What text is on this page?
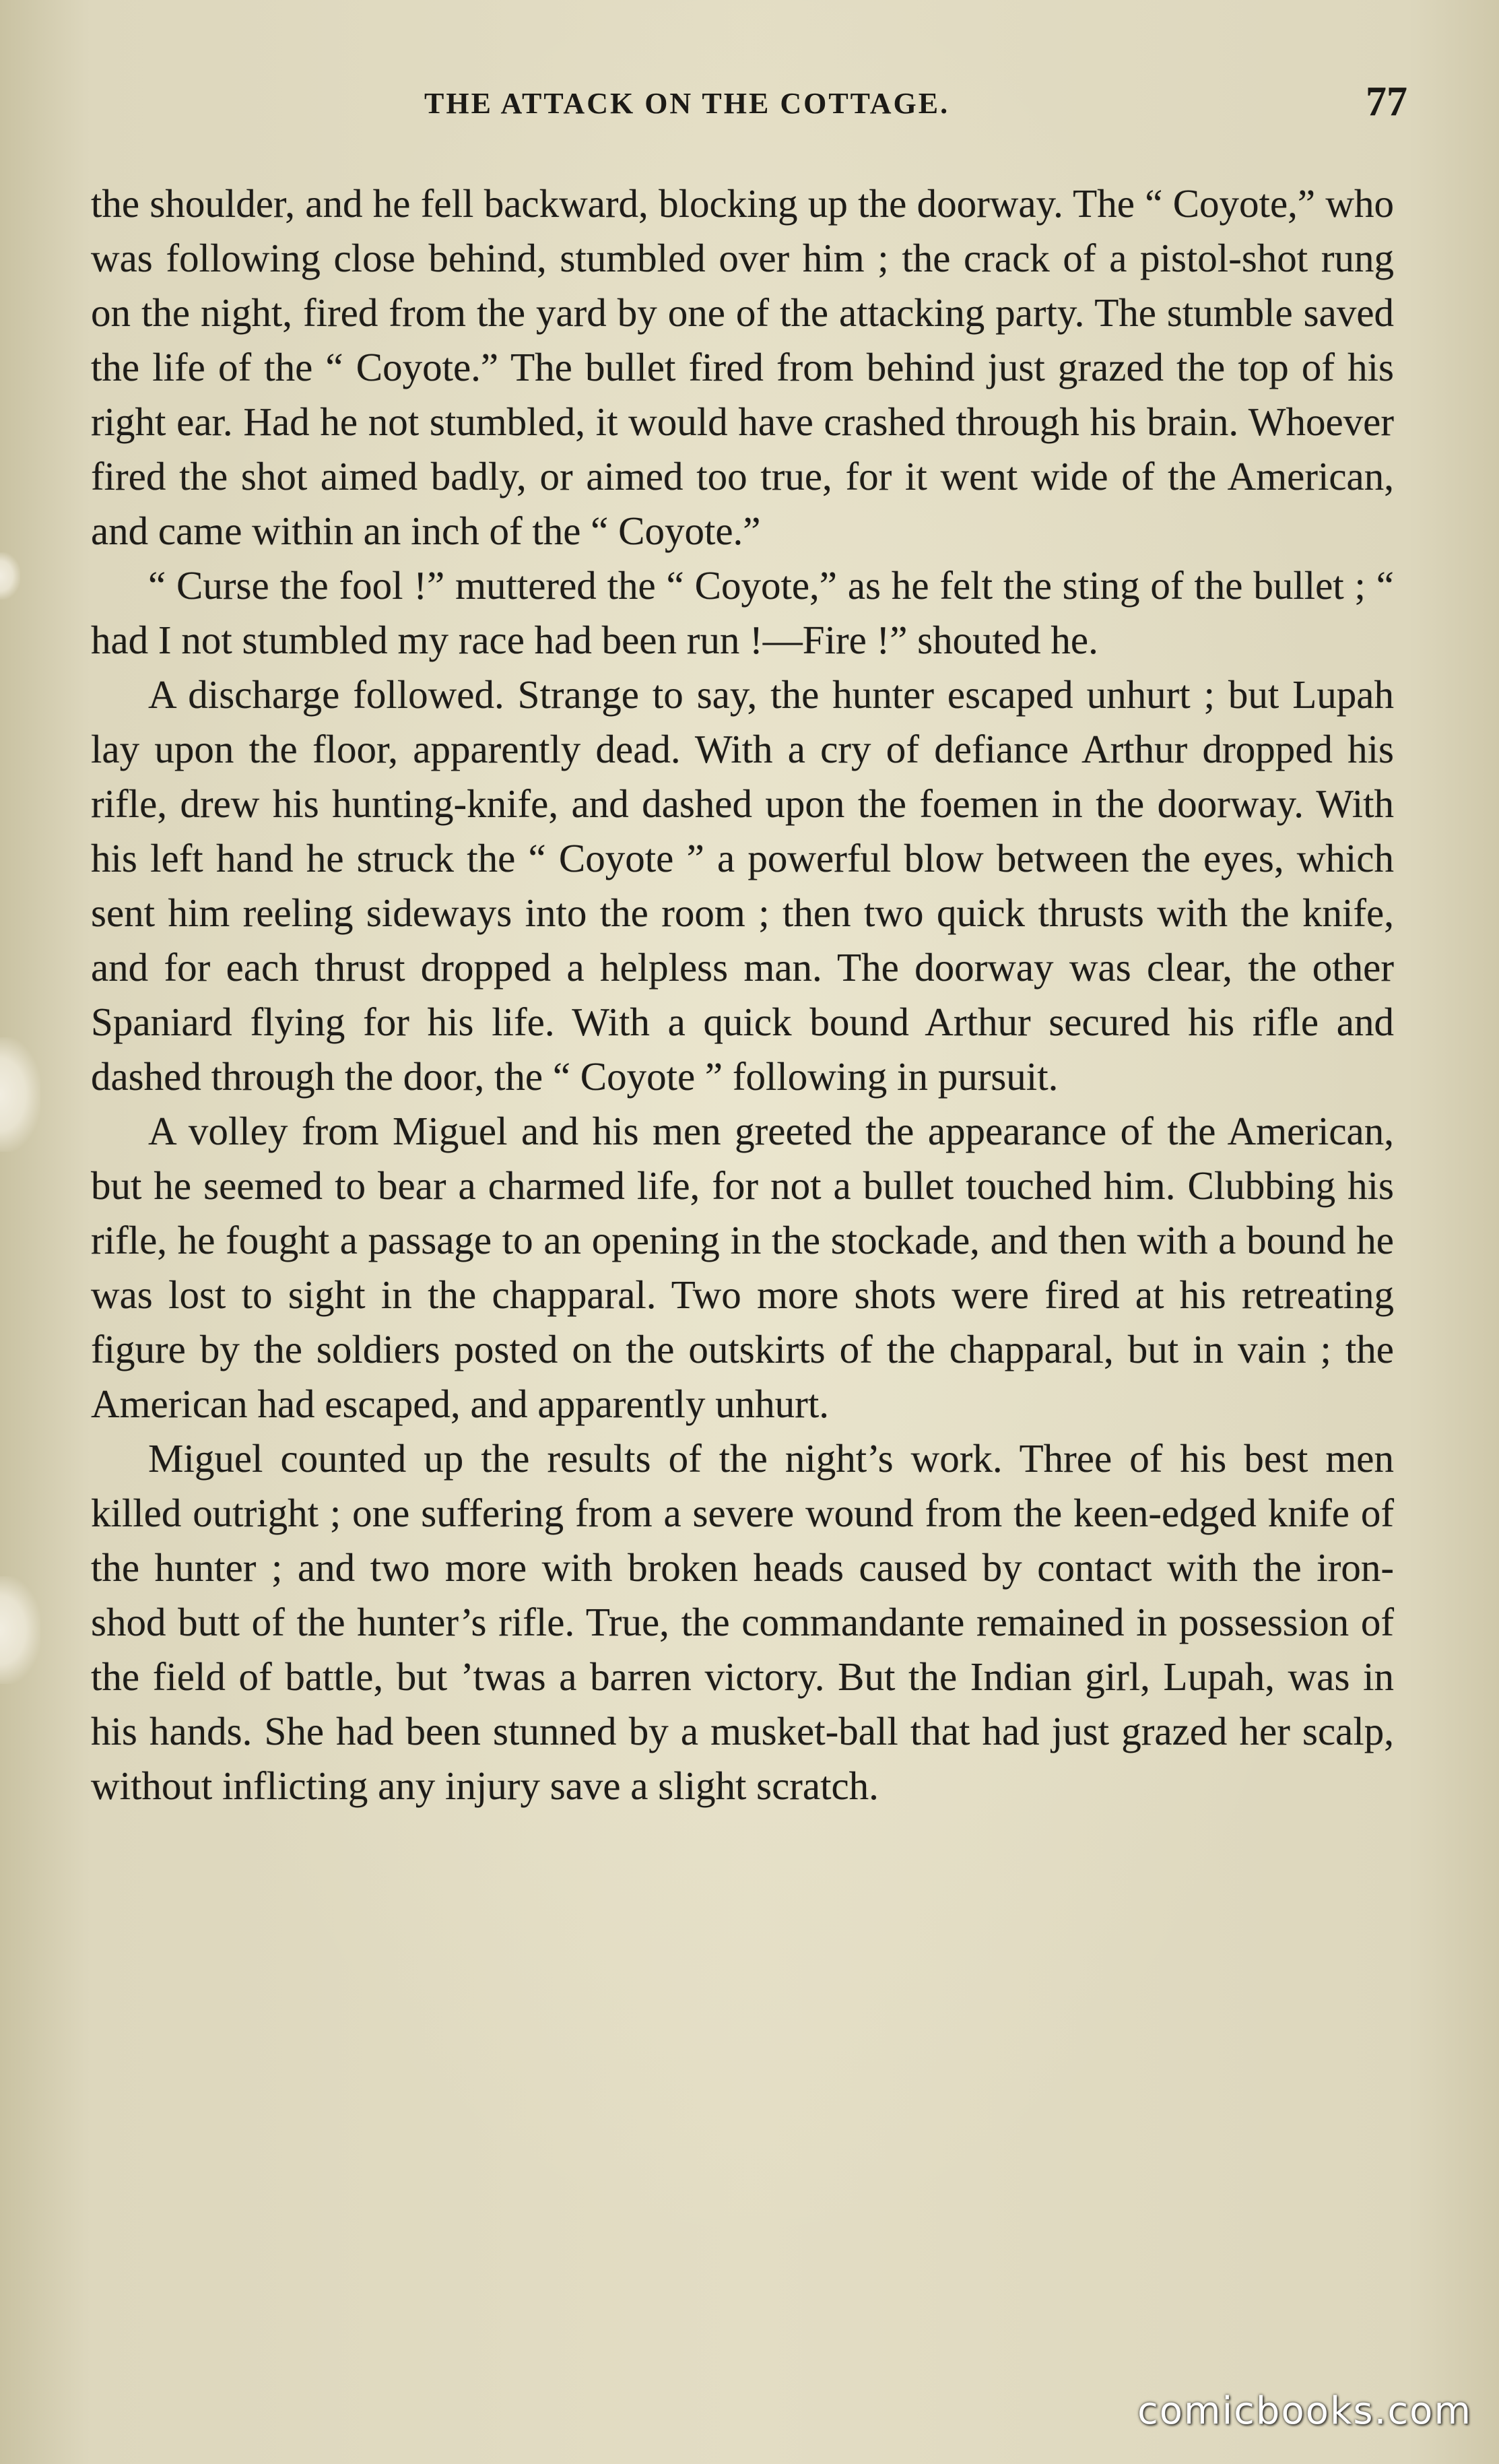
THE ATTACK ON THE COTTAGE.	77

the shoulder, and he fell backward, blocking up the doorway. The “ Coyote,” who was following close behind, stumbled over him ; the crack of a pistol-shot rung on the night, fired from the yard by one of the attacking party. The stumble saved the life of the “ Coyote.” The bullet fired from behind just grazed the top of his right ear. Had he not stumbled, it would have crashed through his brain. Whoever fired the shot aimed badly, or aimed too true, for it went wide of the American, and came within an inch of the “ Coyote.”

“ Curse the fool !” muttered the “ Coyote,” as he felt the sting of the bullet ; “ had I not stumbled my race had been run !—Fire !” shouted he.

A discharge followed. Strange to say, the hunter escaped unhurt ; but Lupah lay upon the floor, apparently dead. With a cry of defiance Arthur dropped his rifle, drew his hunting-knife, and dashed upon the foemen in the doorway. With his left hand he struck the “ Coyote ” a powerful blow between the eyes, which sent him reeling sideways into the room ; then two quick thrusts with the knife, and for each thrust dropped a helpless man. The doorway was clear, the other Spaniard flying for his life. With a quick bound Arthur secured his rifle and dashed through the door, the “ Coyote ” following in pursuit.

A volley from Miguel and his men greeted the appearance of the American, but he seemed to bear a charmed life, for not a bullet touched him. Clubbing his rifle, he fought a passage to an opening in the stockade, and then with a bound he was lost to sight in the chapparal. Two more shots were fired at his retreating figure by the soldiers posted on the outskirts of the chapparal, but in vain ; the American had escaped, and apparently unhurt.

Miguel counted up the results of the night’s work. Three of his best men killed outright ; one suffering from a severe wound from the keen-edged knife of the hunter ; and two more with broken heads caused by contact with the iron-shod butt of the hunter’s rifle. True, the commandante remained in possession of the field of battle, but ’twas a barren victory. But the Indian girl, Lupah, was in his hands. She had been stunned by a musket-ball that had just grazed her scalp, without inflicting any injury save a slight scratch.

comicbooks.com
